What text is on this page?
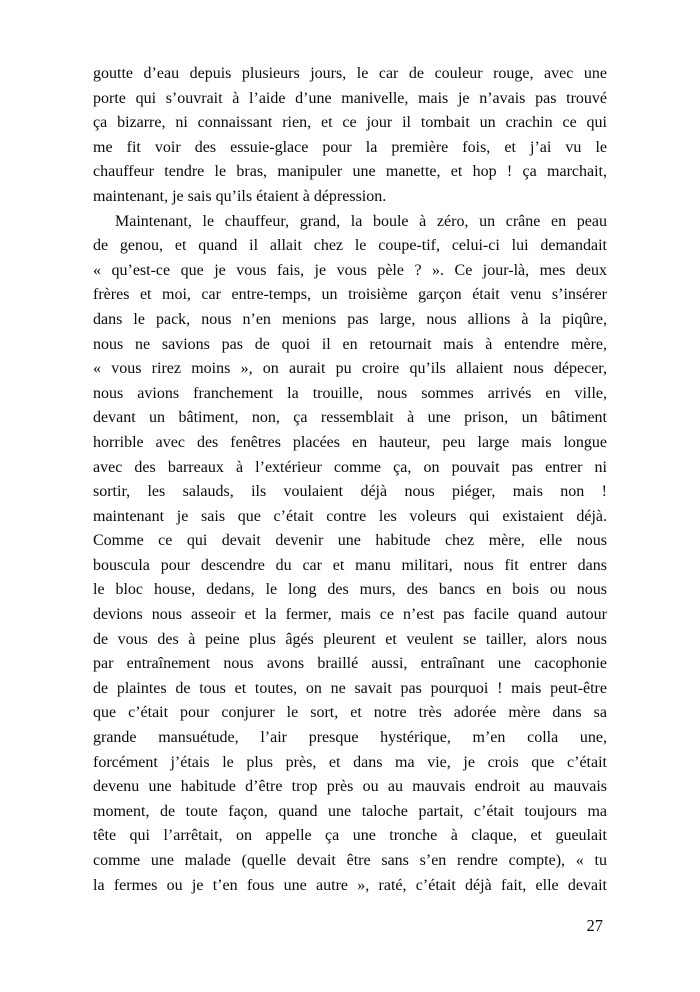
goutte d’eau depuis plusieurs jours, le car de couleur rouge, avec une
porte qui s’ouvrait à l’aide d’une manivelle, mais je n’avais pas trouvé
ça bizarre, ni connaissant rien, et ce jour il tombait un crachin ce qui
me fit voir des essuie-glace pour la première fois, et j’ai vu le
chauffeur tendre le bras, manipuler une manette, et hop ! ça marchait,
maintenant, je sais qu’ils étaient à dépression.
Maintenant, le chauffeur, grand, la boule à zéro, un crâne en peau
de genou, et quand il allait chez le coupe-tif, celui-ci lui demandait
« qu’est-ce que je vous fais, je vous pèle ? ». Ce jour-là, mes deux
frères et moi, car entre-temps, un troisième garçon était venu s’insérer
dans le pack, nous n’en menions pas large, nous allions à la piqûre,
nous ne savions pas de quoi il en retournait mais à entendre mère,
« vous rirez moins », on aurait pu croire qu’ils allaient nous dépecer,
nous avions franchement la trouille, nous sommes arrivés en ville,
devant un bâtiment, non, ça ressemblait à une prison, un bâtiment
horrible avec des fenêtres placées en hauteur, peu large mais longue
avec des barreaux à l’extérieur comme ça, on pouvait pas entrer ni
sortir, les salauds, ils voulaient déjà nous piéger, mais non !
maintenant je sais que c’était contre les voleurs qui existaient déjà.
Comme ce qui devait devenir une habitude chez mère, elle nous
bouscula pour descendre du car et manu militari, nous fit entrer dans
le bloc house, dedans, le long des murs, des bancs en bois ou nous
devions nous asseoir et la fermer, mais ce n’est pas facile quand autour
de vous des à peine plus âgés pleurent et veulent se tailler, alors nous
par entraînement nous avons braillé aussi, entraînant une cacophonie
de plaintes de tous et toutes, on ne savait pas pourquoi ! mais peut-être
que c’était pour conjurer le sort, et notre très adorée mère dans sa
grande mansuétude, l’air presque hystérique, m’en colla une,
forcément j’étais le plus près, et dans ma vie, je crois que c’était
devenu une habitude d’être trop près ou au mauvais endroit au mauvais
moment, de toute façon, quand une taloche partait, c’était toujours ma
tête qui l’arrêtait, on appelle ça une tronche à claque, et gueulait
comme une malade (quelle devait être sans s’en rendre compte), « tu
la fermes ou je t’en fous une autre », raté, c’était déjà fait, elle devait
27
